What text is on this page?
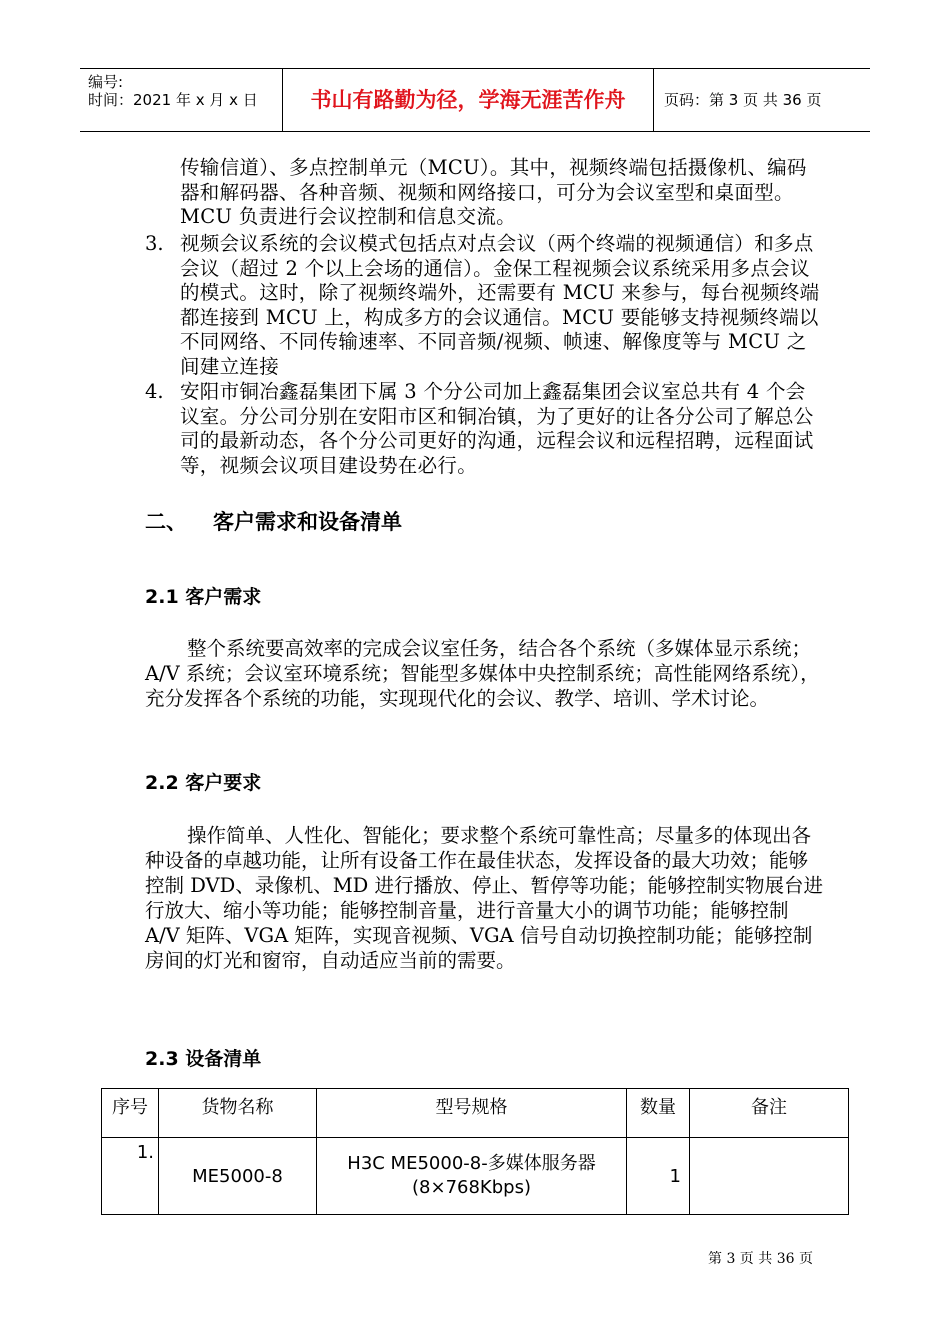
编号:
时间：2021 年 x 月 x 日	书山有路勤为径，学海无涯苦作舟	页码：第 3 页 共 36 页
传输信道）、多点控制单元（MCU）。其中，视频终端包括摄像机、编码器和解码器、各种音频、视频和网络接口，可分为会议室型和桌面型。MCU 负责进行会议控制和信息交流。
3. 视频会议系统的会议模式包括点对点会议（两个终端的视频通信）和多点会议（超过 2 个以上会场的通信）。金保工程视频会议系统采用多点会议的模式。这时，除了视频终端外，还需要有 MCU 来参与，每台视频终端都连接到 MCU 上，构成多方的会议通信。MCU 要能够支持视频终端以不同网络、不同传输速率、不同音频/视频、帧速、解像度等与 MCU 之间建立连接
4. 安阳市铜冶鑫磊集团下属 3 个分公司加上鑫磊集团会议室总共有 4 个会议室。分公司分别在安阳市区和铜冶镇，为了更好的让各分公司了解总公司的最新动态，各个分公司更好的沟通，远程会议和远程招聘，远程面试等，视频会议项目建设势在必行。
二、 客户需求和设备清单
2.1 客户需求
整个系统要高效率的完成会议室任务，结合各个系统（多媒体显示系统；A/V 系统；会议室环境系统；智能型多媒体中央控制系统；高性能网络系统），充分发挥各个系统的功能，实现现代化的会议、教学、培训、学术讨论。
2.2 客户要求
操作简单、人性化、智能化；要求整个系统可靠性高；尽量多的体现出各种设备的卓越功能，让所有设备工作在最佳状态，发挥设备的最大功效；能够控制 DVD、录像机、MD 进行播放、停止、暂停等功能；能够控制实物展台进行放大、缩小等功能；能够控制音量，进行音量大小的调节功能；能够控制 A/V 矩阵、VGA 矩阵，实现音视频、VGA 信号自动切换控制功能；能够控制房间的灯光和窗帘，自动适应当前的需要。
2.3 设备清单
序号	货物名称	型号规格	数量	备注
1.	ME5000-8	H3C ME5000-8-多媒体服务器(8×768Kbps)	1	
第 3 页 共 36 页
